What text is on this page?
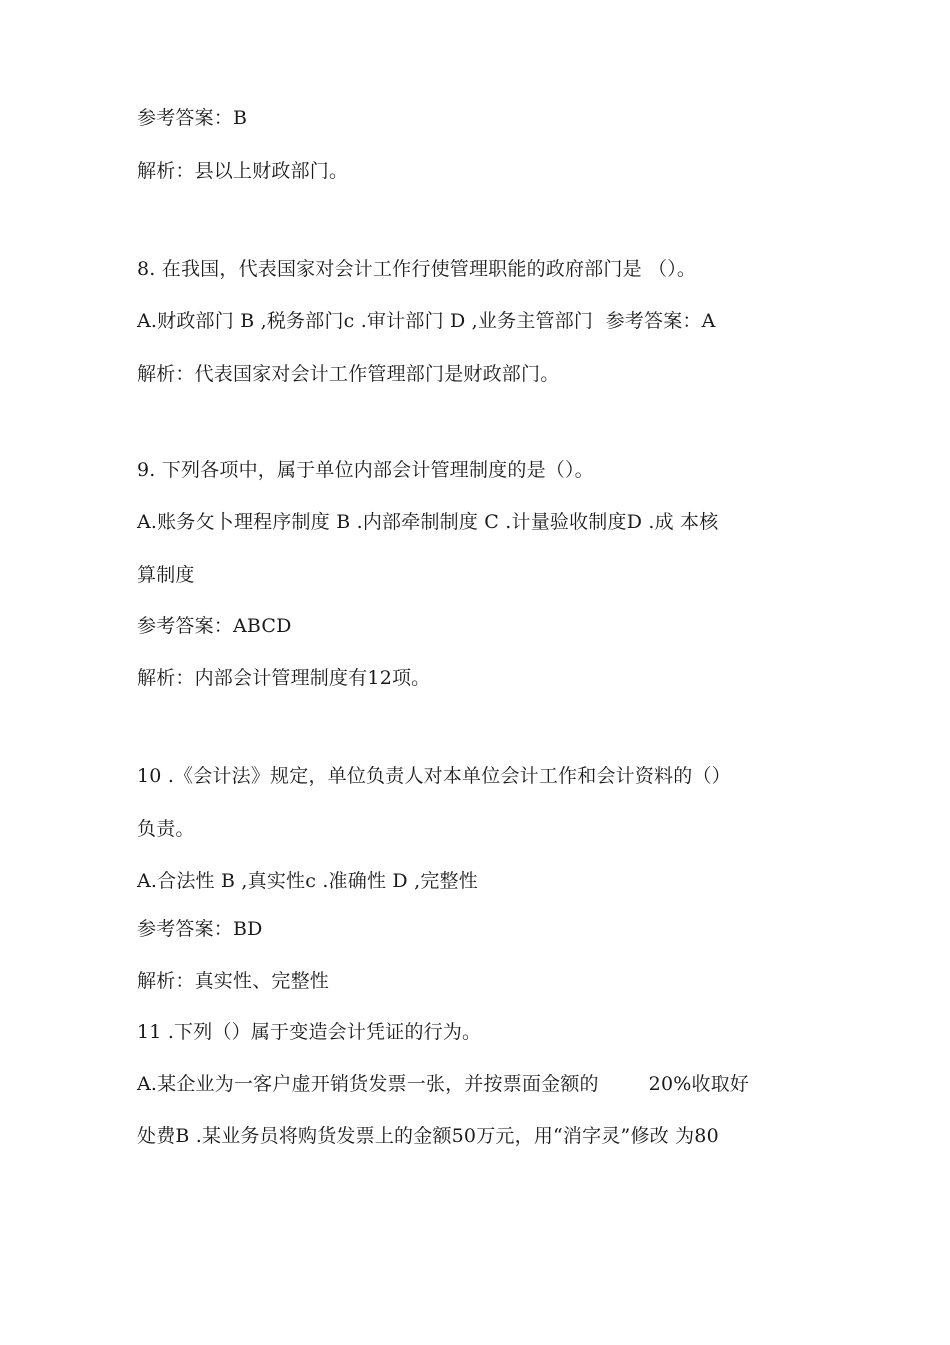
参考答案：B
解析：县以上财政部门。
8. 在我国，代表国家对会计工作行使管理职能的政府部门是 （）。
A.财政部门 B ,税务部门c .审计部门 D ,业务主管部门  参考答案：A
解析：代表国家对会计工作管理部门是财政部门。
9. 下列各项中，属于单位内部会计管理制度的是（）。
A.账务攵卜理程序制度 B .内部牵制制度 C .计量验收制度D .成 本核
算制度
参考答案：ABCD
解析：内部会计管理制度有12项。
10 .《会计法》规定，单位负责人对本单位会计工作和会计资料的（）
负责。
A.合法性 B ,真实性c .准确性 D ,完整性
参考答案：BD
解析：真实性、完整性
11 .下列（）属于变造会计凭证的行为。
A.某企业为一客户虚开销货发票一张，并按票面金额的        20%收取好
处费B .某业务员将购货发票上的金额50万元，用“消字灵”修改 为80
